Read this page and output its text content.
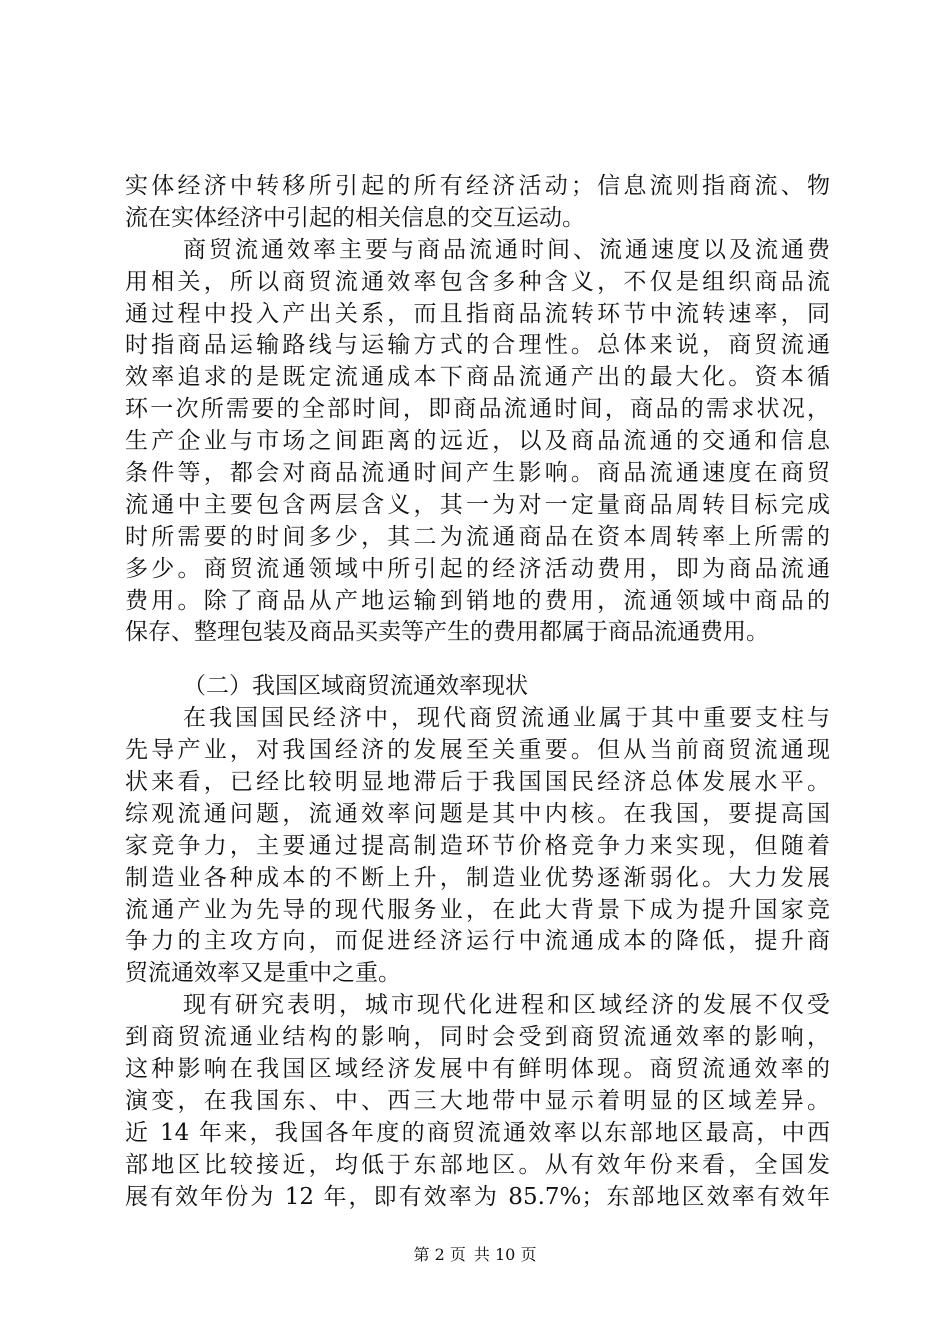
实体经济中转移所引起的所有经济活动；信息流则指商流、物
流在实体经济中引起的相关信息的交互运动。
商贸流通效率主要与商品流通时间、流通速度以及流通费
用相关，所以商贸流通效率包含多种含义，不仅是组织商品流
通过程中投入产出关系，而且指商品流转环节中流转速率，同
时指商品运输路线与运输方式的合理性。总体来说，商贸流通
效率追求的是既定流通成本下商品流通产出的最大化。资本循
环一次所需要的全部时间，即商品流通时间，商品的需求状况，
生产企业与市场之间距离的远近，以及商品流通的交通和信息
条件等，都会对商品流通时间产生影响。商品流通速度在商贸
流通中主要包含两层含义，其一为对一定量商品周转目标完成
时所需要的时间多少，其二为流通商品在资本周转率上所需的
多少。商贸流通领域中所引起的经济活动费用，即为商品流通
费用。除了商品从产地运输到销地的费用，流通领域中商品的
保存、整理包装及商品买卖等产生的费用都属于商品流通费用。
（二）我国区域商贸流通效率现状
在我国国民经济中，现代商贸流通业属于其中重要支柱与
先导产业，对我国经济的发展至关重要。但从当前商贸流通现
状来看，已经比较明显地滞后于我国国民经济总体发展水平。
综观流通问题，流通效率问题是其中内核。在我国，要提高国
家竞争力，主要通过提高制造环节价格竞争力来实现，但随着
制造业各种成本的不断上升，制造业优势逐渐弱化。大力发展
流通产业为先导的现代服务业，在此大背景下成为提升国家竞
争力的主攻方向，而促进经济运行中流通成本的降低，提升商
贸流通效率又是重中之重。
现有研究表明，城市现代化进程和区域经济的发展不仅受
到商贸流通业结构的影响，同时会受到商贸流通效率的影响，
这种影响在我国区域经济发展中有鲜明体现。商贸流通效率的
演变，在我国东、中、西三大地带中显示着明显的区域差异。
近 14 年来，我国各年度的商贸流通效率以东部地区最高，中西
部地区比较接近，均低于东部地区。从有效年份来看，全国发
展有效年份为 12 年，即有效率为 85.7%；东部地区效率有效年
第 2 页 共 10 页
